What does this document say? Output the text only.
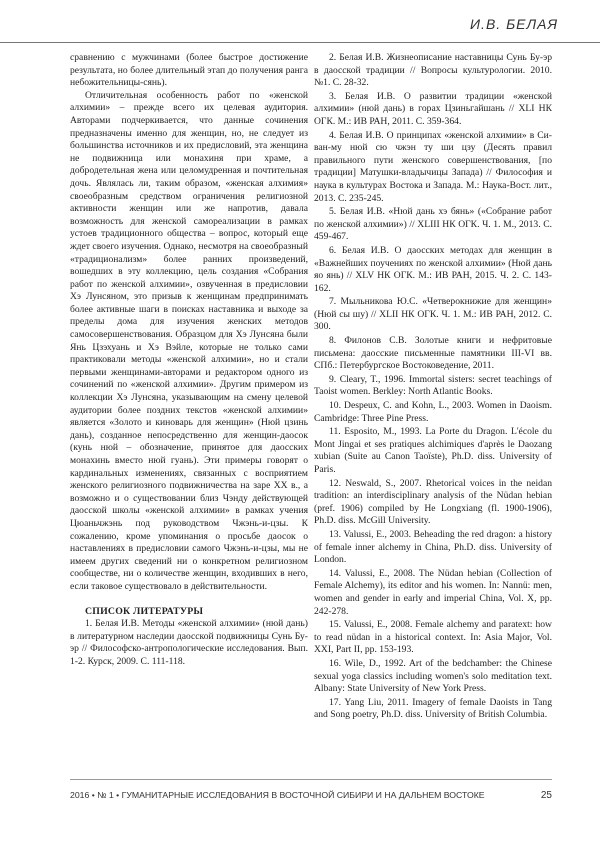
И.В. БЕЛАЯ

сравнению с мужчинами (более быстрое достижение результата, но более длительный этап до получения ранга небожительницы-сянь).

Отличительная особенность работ по «женской алхимии» – прежде всего их целевая аудитория. Авторами подчеркивается, что данные сочинения предназначены именно для женщин, но, не следует из большинства источников и их предисловий, эта женщина не подвижница или монахиня при храме, а добродетельная жена или целомудренная и почтительная дочь. Являлась ли, таким образом, «женская алхимия» своеобразным средством ограничения религиозной активности женщин или же напротив, давала возможность для женской самореализации в рамках устоев традиционного общества – вопрос, который еще ждет своего изучения. Однако, несмотря на своеобразный «традиционализм» более ранних произведений, вошедших в эту коллекцию, цель создания «Собрания работ по женской алхимии», озвученная в предисловии Хэ Лунсяном, это призыв к женщинам предпринимать более активные шаги в поисках наставника и выходе за пределы дома для изучения женских методов самосовершенствования. Образцом для Хэ Лунсяна были Янь Цзэхуань и Хэ Вэйле, которые не только сами практиковали методы «женской алхимии», но и стали первыми женщинами-авторами и редактором одного из сочинений по «женской алхимии». Другим примером из коллекции Хэ Лунсяна, указывающим на смену целевой аудитории более поздних текстов «женской алхимии» является «Золото и киноварь для женщин» (Нюй цзинь дань), созданное непосредственно для женщин-даосок (кунь нюй – обозначение, принятое для даосских монахинь вместо нюй гуань). Эти примеры говорят о кардинальных изменениях, связанных с восприятием женского религиозного подвижничества на заре XX в., а возможно и о существовании близ Чэнду действующей даосской школы «женской алхимии» в рамках учения Цюаньчжэнь под руководством Чжэнь-и-цзы. К сожалению, кроме упоминания о просьбе даосок о наставлениях в предисловии самого Чжэнь-и-цзы, мы не имеем других сведений ни о конкретном религиозном сообществе, ни о количестве женщин, входивших в него, если таковое существовало в действительности.

СПИСОК ЛИТЕРАТУРЫ

1. Белая И.В. Методы «женской алхимии» (нюй дань) в литературном наследии даосской подвижницы Сунь Бу-эр // Философско-антропологические исследования. Вып. 1-2. Курск, 2009. С. 111-118.

2. Белая И.В. Жизнеописание наставницы Сунь Бу-эр в даосской традиции // Вопросы культурологии. 2010. №1. С. 28-32.

3. Белая И.В. О развитии традиции «женской алхимии» (нюй дань) в горах Цзиньгайшань // XLI НК ОГК. М.: ИВ РАН, 2011. С. 359-364.

4. Белая И.В. О принципах «женской алхимии» в Си-ван-му нюй сю чжэн ту ши цзу (Десять правил правильного пути женского совершенствования, [по традиции] Матушки-владычицы Запада) // Философия и наука в культурах Востока и Запада. М.: Наука-Вост. лит., 2013. С. 235-245.

5. Белая И.В. «Нюй дань хэ бянь» («Собрание работ по женской алхимии») // XLIII НК ОГК. Ч. 1. М., 2013. С. 459-467.

6. Белая И.В. О даосских методах для женщин в «Важнейших поучениях по женской алхимии» (Нюй дань яо янь) // XLV НК ОГК. М.: ИВ РАН, 2015. Ч. 2. С. 143-162.

7. Мыльникова Ю.С. «Четверокнижие для женщин» (Нюй сы шу) // XLII НК ОГК. Ч. 1. М.: ИВ РАН, 2012. С. 300.

8. Филонов С.В. Золотые книги и нефритовые письмена: даосские письменные памятники III-VI вв. СПб.: Петербургское Востоковедение, 2011.

9. Cleary, T., 1996. Immortal sisters: secret teachings of Taoist women. Berkley: North Atlantic Books.

10. Despeux, C. and Kohn, L., 2003. Women in Daoism. Cambridge: Three Pine Press.

11. Esposito, M., 1993. La Porte du Dragon. L'école du Mont Jingai et ses pratiques alchimiques d'après le Daozang xubian (Suite au Canon Taoïste), Ph.D. diss. University of Paris.

12. Neswald, S., 2007. Rhetorical voices in the neidan tradition: an interdisciplinary analysis of the Nüdan hebian (pref. 1906) compiled by He Longxiang (fl. 1900-1906), Ph.D. diss. McGill University.

13. Valussi, E., 2003. Beheading the red dragon: a history of female inner alchemy in China, Ph.D. diss. University of London.

14. Valussi, E., 2008. The Nüdan hebian (Collection of Female Alchemy), its editor and his women. In: Nannü: men, women and gender in early and imperial China, Vol. X, pp. 242-278.

15. Valussi, E., 2008. Female alchemy and paratext: how to read nüdan in a historical context. In: Asia Major, Vol. XXI, Part II, pp. 153-193.

16. Wile, D., 1992. Art of the bedchamber: the Chinese sexual yoga classics including women's solo meditation text. Albany: State University of New York Press.

17. Yang Liu, 2011. Imagery of female Daoists in Tang and Song poetry, Ph.D. diss. University of British Columbia.

2016 • № 1 • ГУМАНИТАРНЫЕ ИССЛЕДОВАНИЯ В ВОСТОЧНОЙ СИБИРИ И НА ДАЛЬНЕМ ВОСТОКЕ	25
